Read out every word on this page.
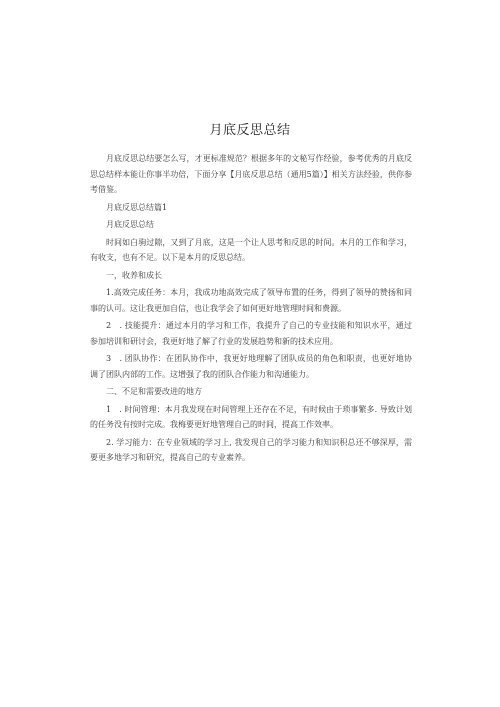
月底反思总结

月底反思总结要怎么写，才更标准规范？根据多年的文秘写作经验，参考优秀的月底反思总结样本能让你事半功倍，下面分享【月底反思总结（通用5篇）】相关方法经验，供你参考借鉴。

月底反思总结篇1

月底反思总结

时间如白驹过隙，又到了月底，这是一个让人思考和反思的时间。本月的工作和学习，有收支，也有不足。以下是本月的反思总结。

一，收养和成长

1.高效完成任务：本月，我成功地高效完成了领导布置的任务，得到了领导的赞扬和同事的认可。这让我更加自信，也让我学会了如何更好地管理时间和费源。

2　. 技能提升：通过本月的学习和工作，我提升了自己的专业技能和知识水平，通过参加培训和研讨会，我更好地了解了行业的发展趋势和新的技术应用。

3　. 团队协作：在团队协作中，我更好地理解了团队成员的角色和职责，也更好地协调了团队内部的工作。这增强了我的团队合作能力和沟通能力。

二、不足和需要改进的地方

1　. 时间管理：本月我发现在时间管理上还存在不足，有时候由于琐事繁多. 导致计划的任务没有按时完成。我梅要更好地管理自己的时间，提高工作效率。

2. 学习能力：在专业领域的学习上, 我发现自己的学习能力和知识积总还不够深厚，需要更多地学习和研究，提高自己的专业素养。
